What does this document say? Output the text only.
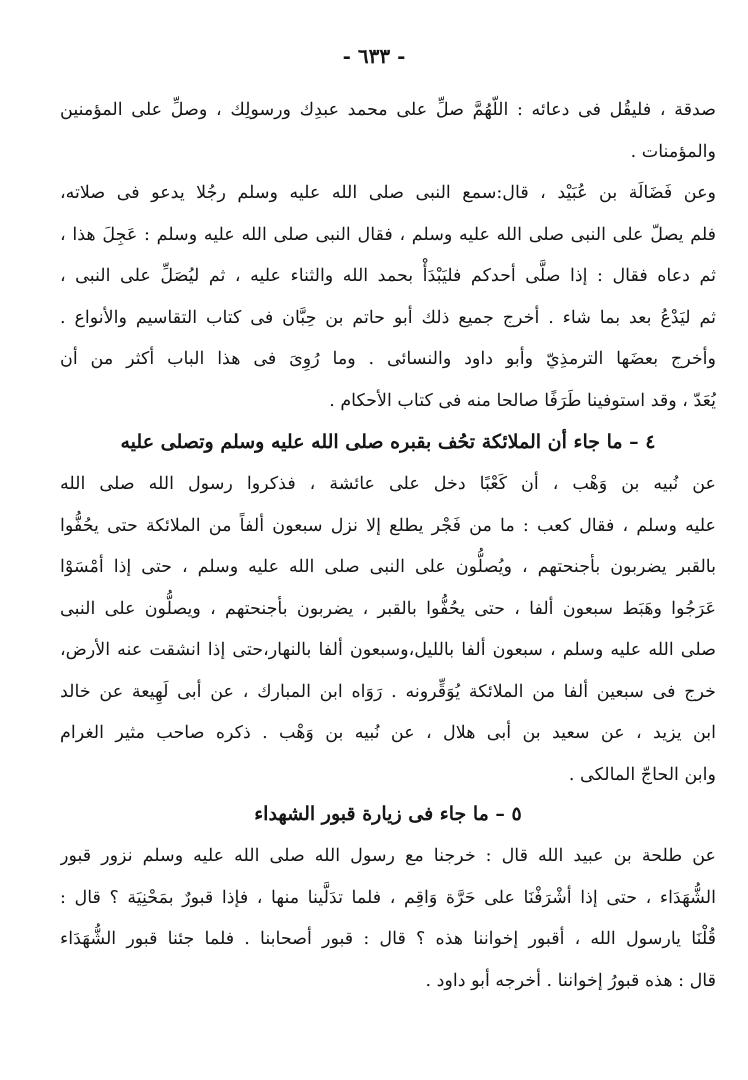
- ٦٣٣ -
صدقة ، فليقُل فى دعائه : اللّهُمَّ صلِّ على محمد عبدِك ورسولِك ، وصلِّ على المؤمنين
والمؤمنات .
وعن فَضَالَة بن عُبَيْد ، قال:سمع النبى صلى الله عليه وسلم رجُلا يدعو فى صلاته،
فلم يصلّ على النبى صلى الله عليه وسلم ، فقال النبى صلى الله عليه وسلم : عَجِلَ هذا ،
ثم دعاه فقال : إذا صلَّى أحدكم فليَبْدَأْ بحمد الله والثناء عليه ، ثم ليُصَلِّ على النبى ،
ثم ليَدْعُ بعد بما شاء . أخرج جميع ذلك أبو حاتم بن حِبَّان فى كتاب التقاسيم والأنواع .
وأخرج بعضَها الترمذِيّ وأبو داود والنسائى . وما رُوِىَ فى هذا الباب أكثر من أن
يُعَدّ ، وقد استوفينا طَرَفًا صالحا منه فى كتاب الأحكام .
٤ – ما جاء أن الملائكة تحُف بقبره صلى الله عليه وسلم وتصلى عليه
عن نُبيه بن وَهْب ، أن كَعْبًا دخل على عائشة ، فذكروا رسول الله صلى الله
عليه وسلم ، فقال كعب : ما من فَجْر يطلع إلا نزل سبعون ألفاً من الملائكة حتى يحُفُّوا
بالقبر يضربون بأجنحتهم ، ويُصلُّون على النبى صلى الله عليه وسلم ، حتى إذا أمْسَوْا
عَرَجُوا وهَبَط سبعون ألفا ، حتى يحُفُّوا بالقبر ، يضربون بأجنحتهم ، ويصلُّون على النبى
صلى الله عليه وسلم ، سبعون ألفا بالليل،وسبعون ألفا بالنهار،حتى إذا انشقت عنه الأرض،
خرج فى سبعين ألفا من الملائكة يُوَقِّرونه . رَوَاه ابن المبارك ، عن أبى لَهِيعة عن خالد
ابن يزيد ، عن سعيد بن أبى هلال ، عن نُبيه بن وَهْب . ذكره صاحب مثير الغرام
وابن الحاجّ المالكى .
٥ – ما جاء فى زيارة قبور الشهداء
عن طلحة بن عبيد الله قال : خرجنا مع رسول الله صلى الله عليه وسلم نزور قبور
الشُّهَدَاء ، حتى إذا أشْرَفْنَا على حَرَّة وَاقِم ، فلما تدَلَّينا منها ، فإذا قبورٌ بمَحْنِيَة ؟ قال :
قُلْنَا يارسول الله ، أقبور إخواننا هذه ؟ قال : قبور أصحابنا . فلما جئنا قبور الشُّهَدَاء
قال : هذه قبورُ إخواننا . أخرجه أبو داود .
